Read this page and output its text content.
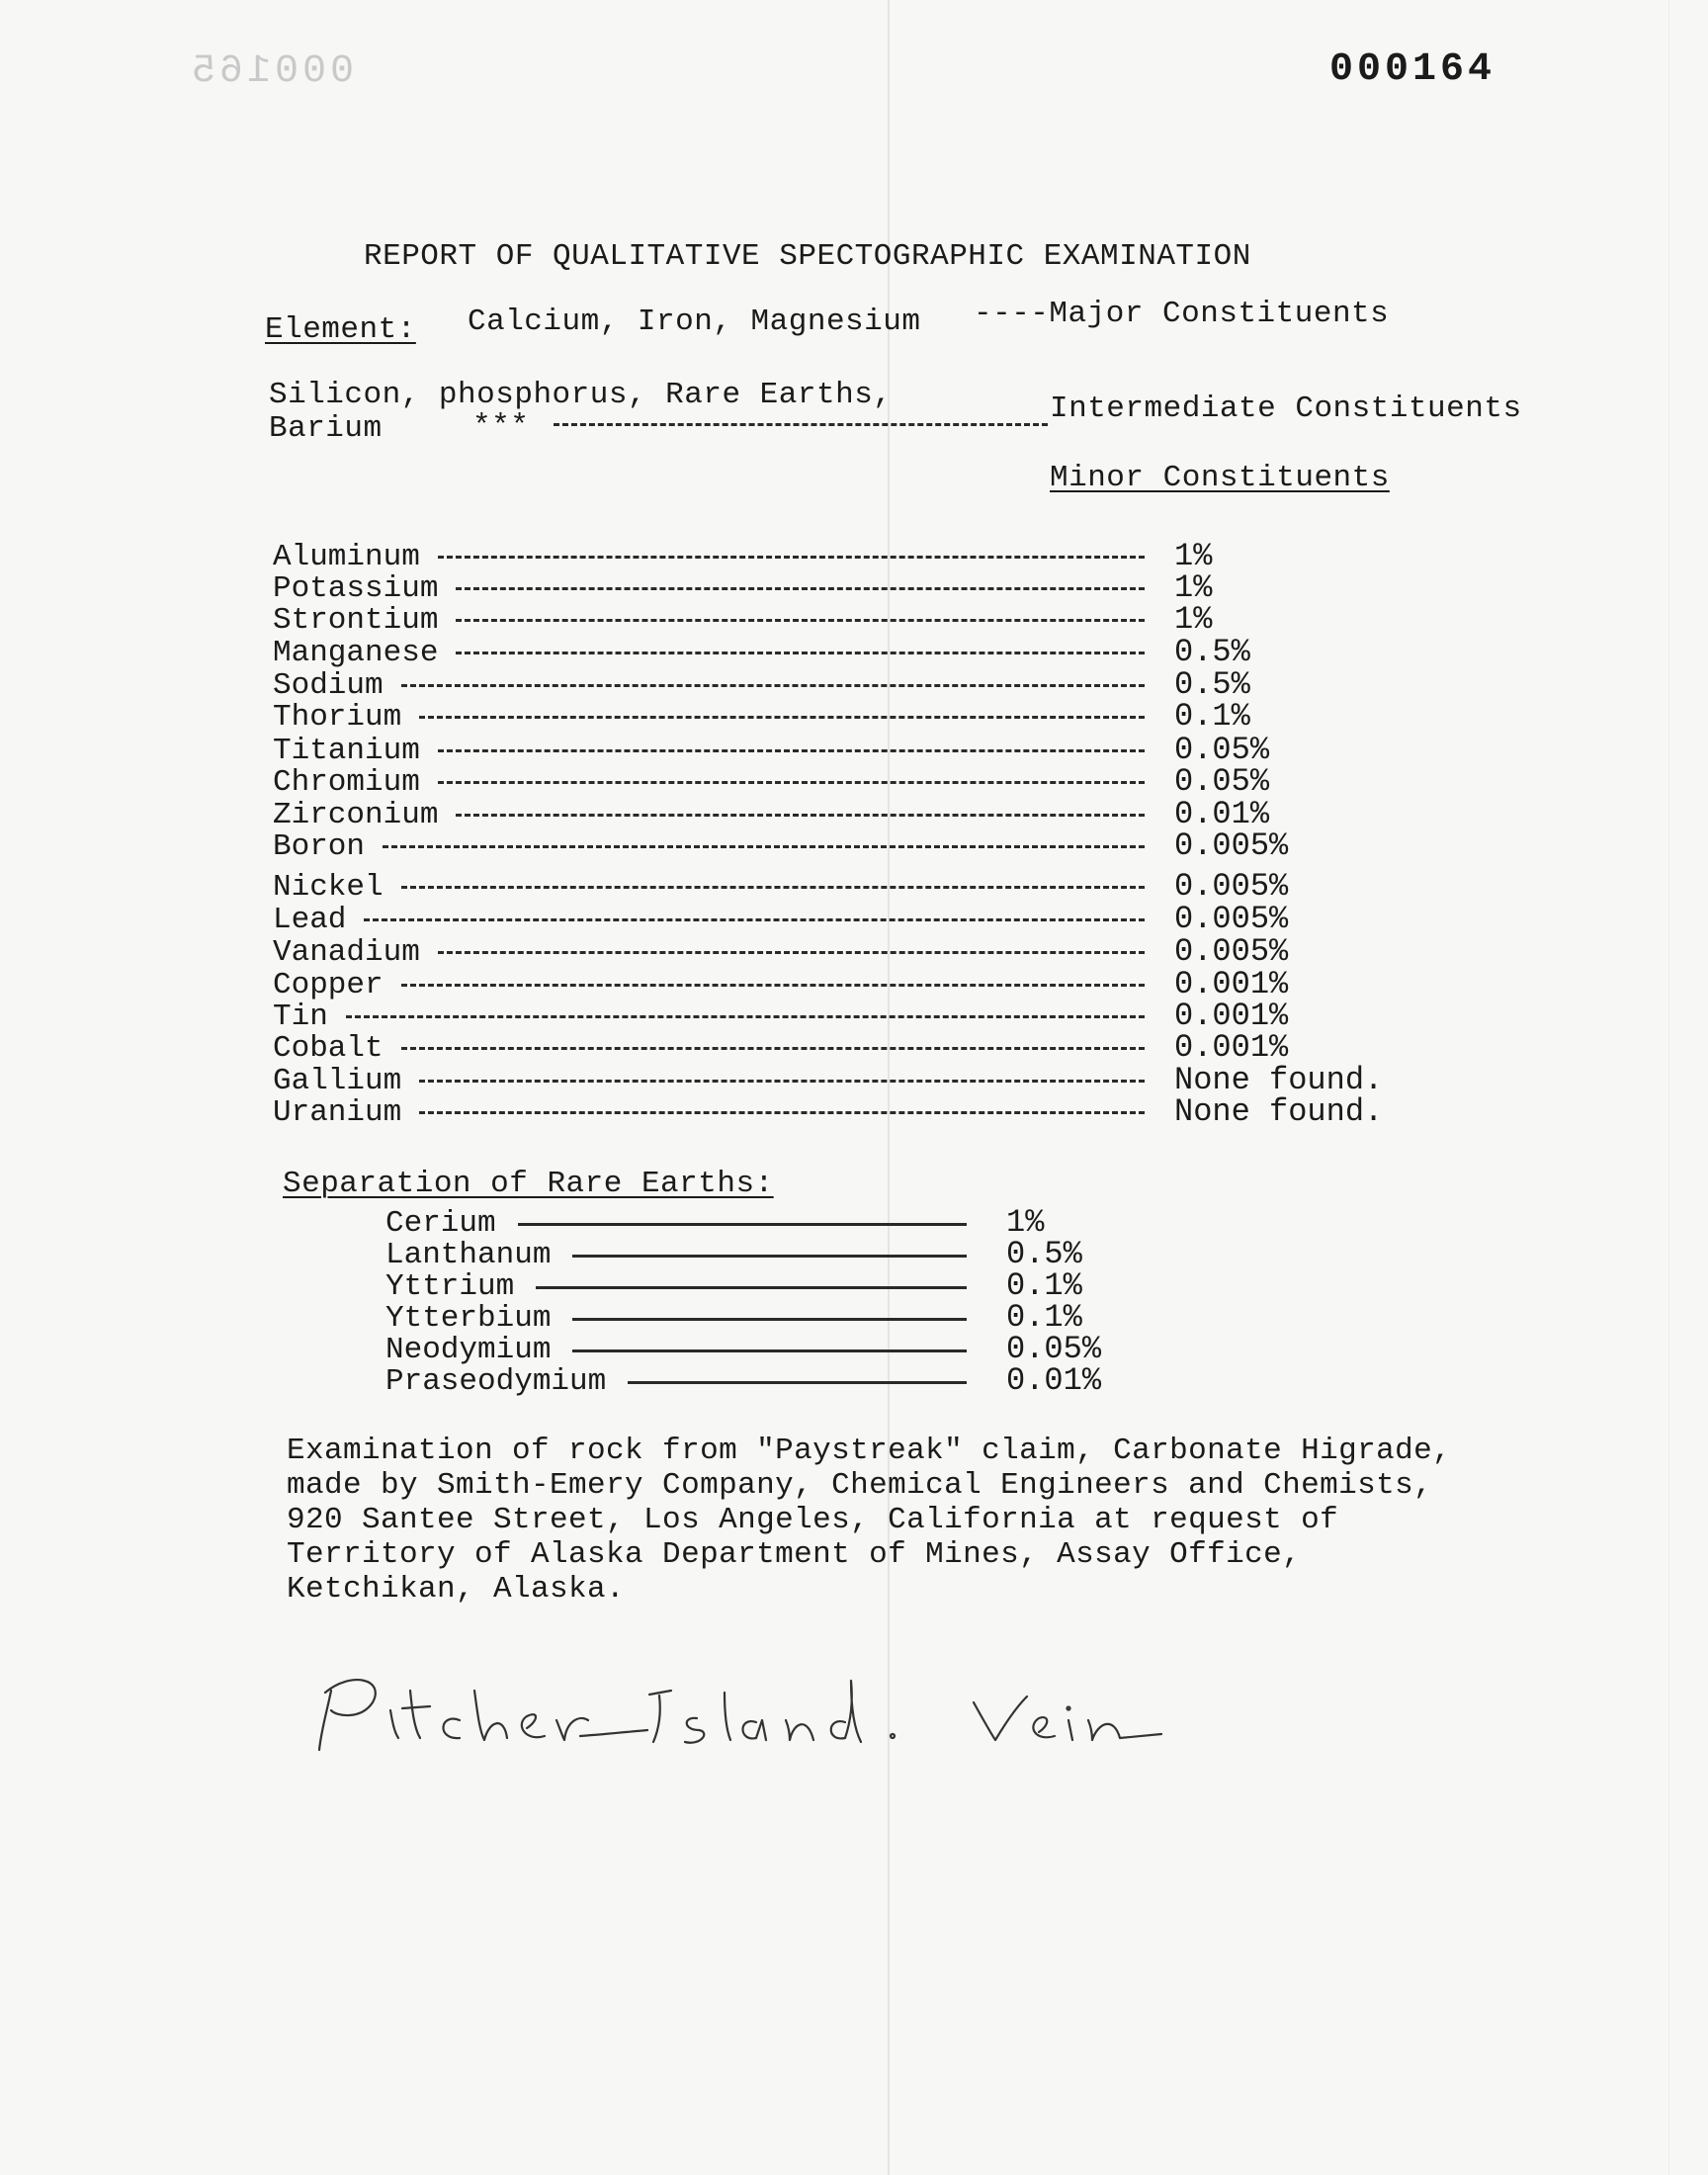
000165	000164
REPORT OF QUALITATIVE SPECTOGRAPHIC EXAMINATION
Element: Calcium, Iron, Magnesium ----Major Constituents
Silicon, phosphorus, Rare Earths,
Barium	***
Intermediate Constituents
Minor Constituents
Aluminum	1%
Potassium	1%
Strontium	1%
Manganese	0.5%
Sodium	0.5%
Thorium	0.1%
Titanium	0.05%
Chromium	0.05%
Zirconium	0.01%
Boron	0.005%
Nickel	0.005%
Lead	0.005%
Vanadium	0.005%
Copper	0.001%
Tin	0.001%
Cobalt	0.001%
Gallium	None found.
Uranium	None found.
Separation of Rare Earths:
Cerium	1%
Lanthanum	0.5%
Yttrium	0.1%
Ytterbium	0.1%
Neodymium	0.05%
Praseodymium	0.01%
Examination of rock from "Paystreak" claim, Carbonate Higrade,
made by Smith-Emery Company, Chemical Engineers and Chemists,
920 Santee Street, Los Angeles, California at request of
Territory of Alaska Department of Mines, Assay Office,
Ketchikan, Alaska.
